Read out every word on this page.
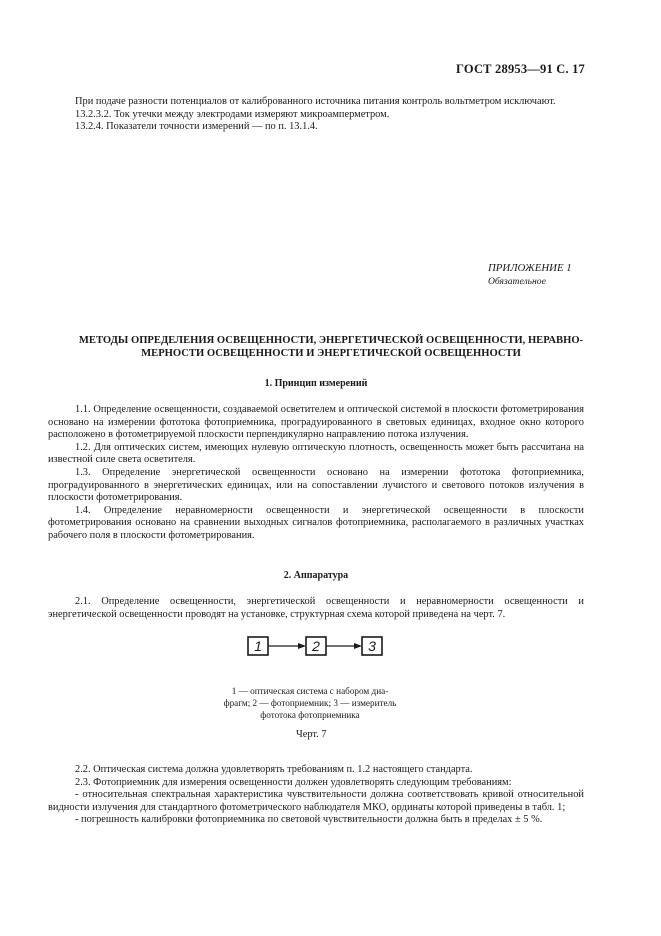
ГОСТ 28953—91 С. 17

При подаче разности потенциалов от калиброванного источника питания контроль вольтметром исключают.

13.2.3.2. Ток утечки между электродами измеряют микроамперметром.

13.2.4. Показатели точности измерений — по п. 13.1.4.

ПРИЛОЖЕНИЕ 1
Обязательное
МЕТОДЫ ОПРЕДЕЛЕНИЯ ОСВЕЩЕННОСТИ, ЭНЕРГЕТИЧЕСКОЙ ОСВЕЩЕННОСТИ, НЕРАВНО-
МЕРНОСТИ ОСВЕЩЕННОСТИ И ЭНЕРГЕТИЧЕСКОЙ ОСВЕЩЕННОСТИ
1. Принцип измерений

1.1. Определение освещенности, создаваемой осветителем и оптической системой в плоскости фотометрирования основано на измерении фототока фотоприемника, проградуированного в световых единицах, входное окно которого расположено в фотометрируемой плоскости перпендикулярно направлению потока излучения.

1.2. Для оптических систем, имеющих нулевую оптическую плотность, освещенность может быть рассчитана на известной силе света осветителя.

1.3. Определение энергетической освещенности основано на измерении фототока фотоприемника, проградуированного в энергетических единицах, или на сопоставлении лучистого и светового потоков излучения в плоскости фотометрирования.

1.4. Определение неравномерности освещенности и энергетической освещенности в плоскости фотометрирования основано на сравнении выходных сигналов фотоприемника, располагаемого в различных участках рабочего поля в плоскости фотометрирования.

2. Аппаратура

2.1. Определение освещенности, энергетической освещенности и неравномерности освещенности и энергетической освещенности проводят на установке, структурная схема которой приведена на черт. 7.

1	2	3
1 — оптическая система с набором диа-
фрагм; 2 — фотоприемник; 3 — измеритель
фототока фотоприемника
Черт. 7

2.2. Оптическая система должна удовлетворять требованиям п. 1.2 настоящего стандарта.

2.3. Фотоприемник для измерения освещенности должен удовлетворять следующим требованиям:

- относительная спектральная характеристика чувствительности должна соответствовать кривой относительной видности излучения для стандартного фотометрического наблюдателя МКО, ординаты которой приведены в табл. 1;

- погрешность калибровки фотоприемника по световой чувствительности должна быть в пределах ± 5 %.
